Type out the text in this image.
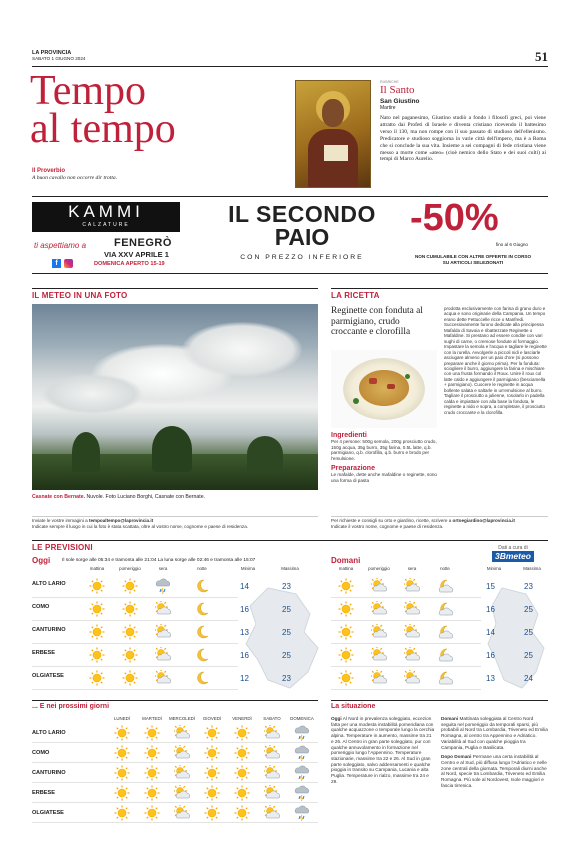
LA PROVINCIA
SABATO 1 GIUGNO 2024	51
Tempo
al tempo
Il Proverbio
A buon cavallo non occorre dir trotta.
RUBRICHE
Il Santo
San Giustino
Martire
Nato nel paganesimo, Giustino studiò a fondo i filosofi greci, poi viene attratto dai Profeti di Israele e diventa cristiano ricevendo il battesimo verso il 130, ma non rompe con il suo passato di studioso dell'ellenismo. Predicatore e studioso soggiornа in varie città dell'impero, ma è a Roma che si conclude la sua vita. Insieme a sei compagni di fede cristiana viene messo a morte come «ateo» (cioè nemico dello Stato e dei suoi culti) ai tempi di Marco Aurelio.
KAMMI
CALZATURE
ti aspettiamo a	FENEGRÒ
VIA XXV APRILE 1
DOMENICA APERTO 15-19
f
IL SECONDO
PAIO
CON PREZZO INFERIORE
-50%
fino al 6 Giugno
NON CUMULABILE CON ALTRE OFFERTE IN CORSO
SU ARTICOLI SELEZIONATI
IL METEO IN UNA FOTO
Casnate con Bernate. Nuvole. Foto Luciano Borghi, Casnate con Bernate.
Inviate le vostre immagini a tempoaltempo@laprovincia.it
Indicate sempre il luogo in cui la foto è stata scattata, oltre al vostro nome, cognome e paese di residenza.
LA RICETTA
Reginette con fonduta al parmigiano, crudo croccante e clorofilla
Ingredienti
Per 4 persone: 500g semola, 200g prosciutto crudo, 150g acqua, 35g burro, 35g farina, 0.5L latte, q.b. parmigiano, q.b. clorofilla, q.b. burro e brodo per l'emulsione.
Preparazione
Le mafalde, dette anche mafaldine o reginette, sono una forma di pasta
prodotta esclusivamente con farina di grano duro e acqua e sono originarie della Campania. Un tempo erano dette Fettuccelle ricce o Manfredi. Successivamente furono dedicate alla principessa Mafalda di Savoia e ribattezzate Reginette o Mafaldine. Si prestano ad essere condite con vari sughi di carne, o cremose fondute al formaggio. Impastare la semola e l'acqua e tagliare le reginette con la rurella. Avvolgerle a piccoli nidi e lasciarle asciugare almeno per un paio d'ore (si possono preparare anche il giorno prima). Per la fonduta: sciogliere il burro, aggiungere la farina e mischiare con una frusta formando il Roux. Unire il roux col latte caldo e aggiungere il parmigiano (besciamella + parmigiano). Cuocere le reginette in acqua bollente salata e saltarle in un'emulsione al burro. Tagliare il prosciutto a julienne, rosolarlo in padella calda e impiattare con alla base la fonduta, le reginette a nido e sopra, a completare, il prosciutto crudo croccante e la clorofilla.
Per richieste e consigli su orto e giardino, ricette, scrivere a ortoegiardino@laprovincia.it
Indicate il vostro nome, cognome e paese di residenza.
LE PREVISIONI	Dati a cura di
3Bmeteo
Oggi Il sole sorge alle 05:34 e tramonta alle 21:04 La luna sorge alle 02:46 e tramonta alle 15:07	Domani
... E nei prossimi giorni	La situazione
Oggi Al Nord in prevalenza soleggiato, eccezion fatta per una modesta instabilità pomeridiana con qualche acquazzone o temporale lungo la cerchia alpina. Temperature in aumento, massime tra 21 e 26. Al Centro in gran parte soleggiato, pur con qualche annuvolamento in formazione nel pomeriggio lungo l'Appennino. Temperature stazionarie, massime tra 22 e 26. Al Sud in gran parte soleggiato, salvo addensamenti e qualche pioggia in transito su Campania, Lucania e alta Puglia. Temperature in rialzo, massime tra 24 e 29.
Domani Mattinata soleggiata al Centro Nord seguita nel pomeriggio da temporali sparsi, più probabili al Nord tra Lombardia, Triveneto ed Emilia Romagna, al centro tra Appennino e Adriatico. Variabilità al Sud con qualche pioggia tra Campania, Puglia e Basilicata.
Dopo Domani Permane una certa instabilità al Centro e al Sud, più diffusa lungo l'Adriatico e nelle zone centrali della giornata. Temporali diurni anche al Nord, specie tra Lombardia, Triveneto ed Emilia Romagna. Più sole al Nordovest, Isole maggiori e fascia tirrenica.
mattina	pomeriggio	sera	notte	Minima	Massima
ALTO LARIO	14	23
COMO	16	25
CANTURINO	13	25
ERBESE	16	25
OLGIATESE	12	23
mattina	pomeriggio	sera	notte	Minima	Massima
15	23
16	25
14	25
16	25
13	24
LUNEDÌ	MARTEDÌ	MERCOLEDÌ	GIOVEDÌ	VENERDÌ	SABATO	DOMENICA
ALTO LARIO
COMO
CANTURINO
ERBESE
OLGIATESE
